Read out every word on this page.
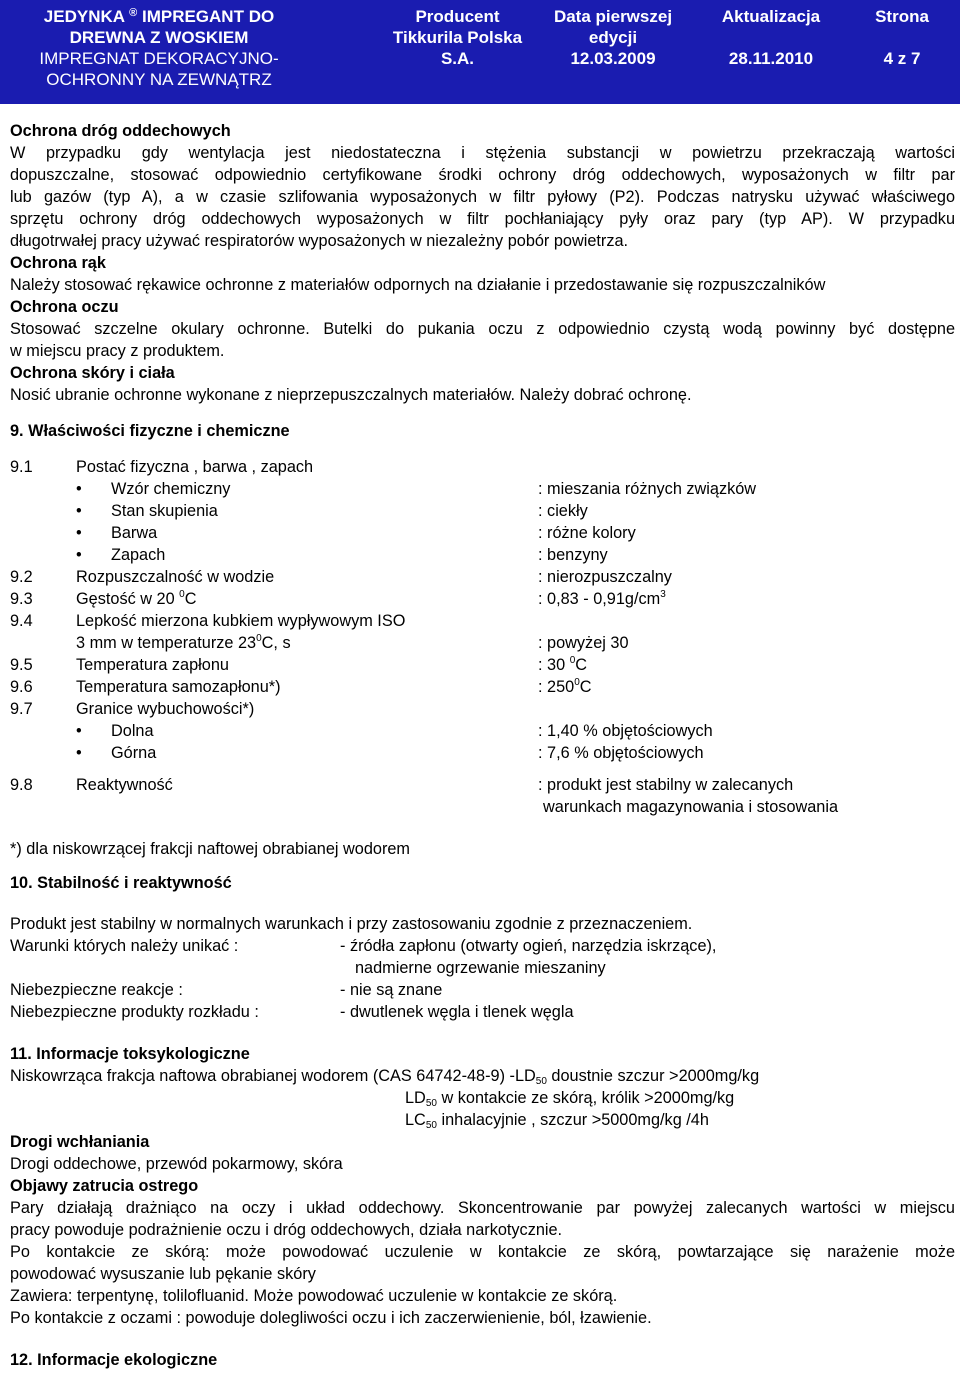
JEDYNKA ® IMPREGANT DO
DREWNA Z WOSKIEM
IMPREGNAT DEKORACYJNO-
OCHRONNY NA ZEWNĄTRZ
Producent
Tikkurila Polska
S.A.
Data pierwszej
edycji
12.03.2009
Aktualizacja

28.11.2010
Strona

4 z 7
Ochrona dróg oddechowych
W przypadku gdy wentylacja jest niedostateczna i stężenia substancji w powietrzu przekraczają wartości
dopuszczalne, stosować odpowiednio certyfikowane środki ochrony dróg oddechowych, wyposażonych w filtr par
lub gazów (typ A), a w czasie szlifowania wyposażonych w filtr pyłowy (P2). Podczas natrysku używać właściwego
sprzętu ochrony dróg oddechowych wyposażonych w filtr pochłaniający pyły oraz pary (typ AP). W przypadku
długotrwałej pracy używać respiratorów wyposażonych w niezależny pobór powietrza.
Ochrona rąk
Należy stosować rękawice ochronne z materiałów odpornych na działanie i przedostawanie się rozpuszczalników
Ochrona oczu
Stosować szczelne okulary ochronne. Butelki do pukania oczu z odpowiednio czystą wodą powinny być dostępne
w miejscu pracy z produktem.
Ochrona skóry i ciała
Nosić ubranie ochronne wykonane z nieprzepuszczalnych materiałów. Należy dobrać ochronę.
9. Właściwości fizyczne i chemiczne
9.1	Postać fizyczna , barwa , zapach
• Wzór chemiczny	: mieszania różnych związków
• Stan skupienia	: ciekły
• Barwa	: różne kolory
• Zapach	: benzyny
9.2	Rozpuszczalność w wodzie	: nierozpuszczalny
9.3	Gęstość w 20 $^0$C	: $0,83 - 0,91g/cm^3$
9.4	Lepkość mierzona kubkiem wypływowym ISO
3 mm w temperaturze $23^0C$, s	: powyżej 30
9.5	Temperatura zapłonu	: 30 $^0$C
9.6	Temperatura samozapłonu*)	: $250^0C$
9.7	Granice wybuchowości*)
• Dolna	: 1,40 % objętościowych
• Górna	: 7,6 % objętościowych
9.8	Reaktywność	: produkt jest stabilny w zalecanych
warunkach magazynowania i stosowania
*) dla niskowrzącej frakcji naftowej obrabianej wodorem
10. Stabilność i reaktywność
Produkt jest stabilny w normalnych warunkach i przy zastosowaniu zgodnie z przeznaczeniem.
Warunki których należy unikać :	- źródła zapłonu (otwarty ogień, narzędzia iskrzące),
nadmierne ogrzewanie mieszaniny
Niebezpieczne reakcje :	- nie są znane
Niebezpieczne produkty rozkładu :	- dwutlenek węgla i tlenek węgla
11. Informacje toksykologiczne
Niskowrząca frakcja naftowa obrabianej wodorem (CAS 64742-48-9) $-LD_{50}$ doustnie szczur >2000mg/kg
$LD_{50}$ w kontakcie ze skórą, królik >2000mg/kg
$LC_{50}$ inhalacyjnie , szczur >5000mg/kg /4h
Drogi wchłaniania
Drogi oddechowe, przewód pokarmowy, skóra
Objawy zatrucia ostrego
Pary działają drażniąco na oczy i układ oddechowy. Skoncentrowanie par powyżej zalecanych wartości w miejscu
pracy powoduje podrażnienie oczu i dróg oddechowych, działa narkotycznie.
Po kontakcie ze skórą: może powodować uczulenie w kontakcie ze skórą, powtarzające się narażenie może
powodować wysuszanie lub pękanie skóry
Zawiera: terpentynę, tolilofluanid. Może powodować uczulenie w kontakcie ze skórą.
Po kontakcie z oczami : powoduje dolegliwości oczu i ich zaczerwienienie, ból, łzawienie.
12. Informacje ekologiczne
